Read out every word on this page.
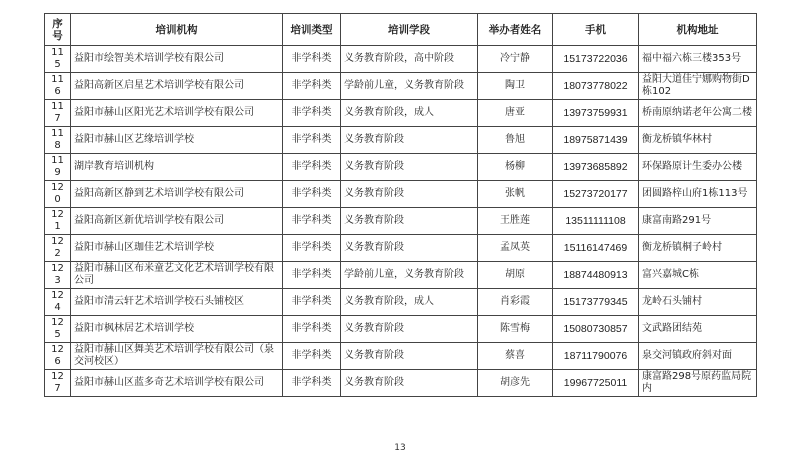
序
号	培训机构	培训类型	培训学段	举办者姓名	手机	机构地址
115	益阳市绘智美术培训学校有限公司	非学科类	义务教育阶段，高中阶段	冷宁静	15173722036	福中福六栋三楼353号
116	益阳高新区启星艺术培训学校有限公司	非学科类	学龄前儿童，义务教育阶段	陶卫	18073778022	益阳大道佳宁娜购物街D栋102
117	益阳市赫山区阳光艺术培训学校有限公司	非学科类	义务教育阶段，成人	唐亚	13973759931	桥南原纳诺老年公寓二楼
118	益阳市赫山区艺缘培训学校	非学科类	义务教育阶段	鲁旭	18975871439	衡龙桥镇华林村
119	湖岸教育培训机构	非学科类	义务教育阶段	杨柳	13973685892	环保路原计生委办公楼
120	益阳高新区静到艺术培训学校有限公司	非学科类	义务教育阶段	张帆	15273720177	团圆路梓山府1栋113号
121	益阳高新区新优培训学校有限公司	非学科类	义务教育阶段	王胜莲	13511111108	康富南路291号
122	益阳市赫山区珈佳艺术培训学校	非学科类	义务教育阶段	孟凤英	15116147469	衡龙桥镇桐子岭村
123	益阳市赫山区布米童艺文化艺术培训学校有限公司	非学科类	学龄前儿童，义务教育阶段	胡原	18874480913	富兴嘉城C栋
124	益阳市清云轩艺术培训学校石头铺校区	非学科类	义务教育阶段，成人	肖彩霞	15173779345	龙岭石头铺村
125	益阳市枫林居艺术培训学校	非学科类	义务教育阶段	陈雪梅	15080730857	文武路团结苑
126	益阳市赫山区舞美艺术培训学校有限公司（泉交河校区）	非学科类	义务教育阶段	蔡喜	18711790076	泉交河镇政府斜对面
127	益阳市赫山区蓝多奇艺术培训学校有限公司	非学科类	义务教育阶段	胡彦先	19967725011	康富路298号原药监局院内
13
